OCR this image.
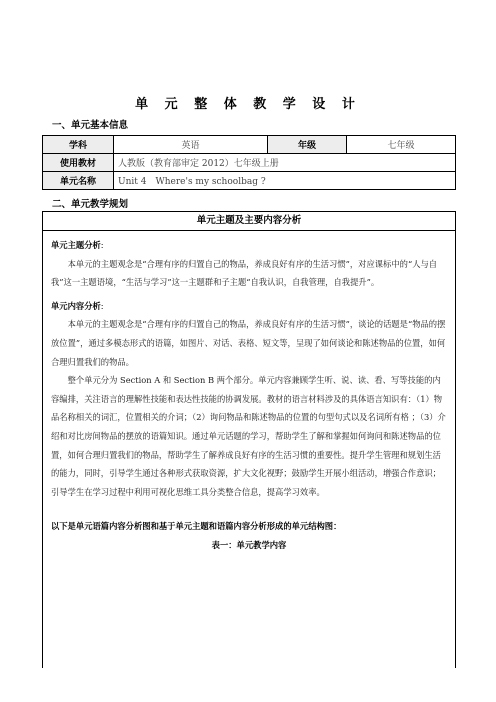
单 元 整 体 教 学 设 计
一、单元基本信息
学科	英语	年级	七年级
使用教材	人教版（教育部审定 2012）七年级上册		
单元名称	Unit 4　Where's my schoolbag ?		
二、单元教学规划
单元主题及主要内容分析
单元主题分析:
本单元的主题观念是“合理有序的归置自己的物品，养成良好有序的生活习惯”，对应课标中的“人与自我”这一主题语境，“生活与学习”这一主题群和子主题“自我认识，自我管理，自我提升”。
单元内容分析:
本单元的主题观念是“合理有序的归置自己的物品，养成良好有序的生活习惯”，谈论的话题是“物品的摆放位置”，通过多模态形式的语篇，如图片、对话、表格、短文等，呈现了如何谈论和陈述物品的位置，如何合理归置我们的物品。
整个单元分为 Section A 和 Section B 两个部分。单元内容兼顾学生听、说、读、看、写等技能的内容编排，关注语言的理解性技能和表达性技能的协调发展。教材的语言材料涉及的具体语言知识有：（1）物品名称相关的词汇，位置相关的介词；（2）询问物品和陈述物品的位置的句型句式以及名词所有格 ；（3）介绍和对比房间物品的摆放的语篇知识。通过单元话题的学习，帮助学生了解和掌握如何询问和陈述物品的位置，如何合理归置我们的物品，帮助学生了解养成良好有序的生活习惯的重要性。提升学生管理和规划生活的能力，同时，引导学生通过各种形式获取资源，扩大文化视野；鼓励学生开展小组活动，增强合作意识；引导学生在学习过程中利用可视化思维工具分类整合信息，提高学习效率。
以下是单元语篇内容分析图和基于单元主题和语篇内容分析形成的单元结构图：
表一：单元教学内容
